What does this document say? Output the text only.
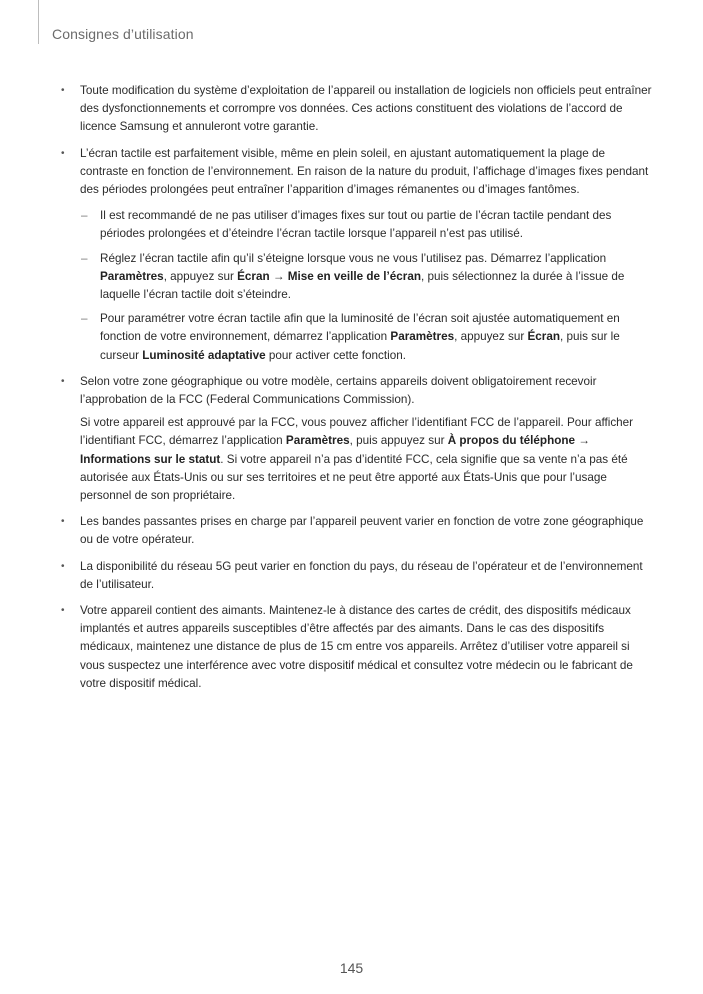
Consignes d’utilisation
• Toute modification du système d’exploitation de l’appareil ou installation de logiciels non officiels peut entraîner des dysfonctionnements et corrompre vos données. Ces actions constituent des violations de l’accord de licence Samsung et annuleront votre garantie.

• L’écran tactile est parfaitement visible, même en plein soleil, en ajustant automatiquement la plage de contraste en fonction de l’environnement. En raison de la nature du produit, l’affichage d’images fixes pendant des périodes prolongées peut entraîner l’apparition d’images rémanentes ou d’images fantômes.

– Il est recommandé de ne pas utiliser d’images fixes sur tout ou partie de l’écran tactile pendant des périodes prolongées et d’éteindre l’écran tactile lorsque l’appareil n’est pas utilisé.

– Réglez l’écran tactile afin qu’il s’éteigne lorsque vous ne vous l’utilisez pas. Démarrez l’application Paramètres, appuyez sur Écran → Mise en veille de l’écran, puis sélectionnez la durée à l’issue de laquelle l’écran tactile doit s’éteindre.

– Pour paramétrer votre écran tactile afin que la luminosité de l’écran soit ajustée automatiquement en fonction de votre environnement, démarrez l’application Paramètres, appuyez sur Écran, puis sur le curseur Luminosité adaptative pour activer cette fonction.

• Selon votre zone géographique ou votre modèle, certains appareils doivent obligatoirement recevoir l’approbation de la FCC (Federal Communications Commission).

Si votre appareil est approuvé par la FCC, vous pouvez afficher l’identifiant FCC de l’appareil. Pour afficher l’identifiant FCC, démarrez l’application Paramètres, puis appuyez sur À propos du téléphone → Informations sur le statut. Si votre appareil n’a pas d’identité FCC, cela signifie que sa vente n’a pas été autorisée aux États-Unis ou sur ses territoires et ne peut être apporté aux États-Unis que pour l’usage personnel de son propriétaire.

• Les bandes passantes prises en charge par l’appareil peuvent varier en fonction de votre zone géographique ou de votre opérateur.

• La disponibilité du réseau 5G peut varier en fonction du pays, du réseau de l’opérateur et de l’environnement de l’utilisateur.

• Votre appareil contient des aimants. Maintenez-le à distance des cartes de crédit, des dispositifs médicaux implantés et autres appareils susceptibles d’être affectés par des aimants. Dans le cas des dispositifs médicaux, maintenez une distance de plus de 15 cm entre vos appareils. Arrêtez d’utiliser votre appareil si vous suspectez une interférence avec votre dispositif médical et consultez votre médecin ou le fabricant de votre dispositif médical.

145
